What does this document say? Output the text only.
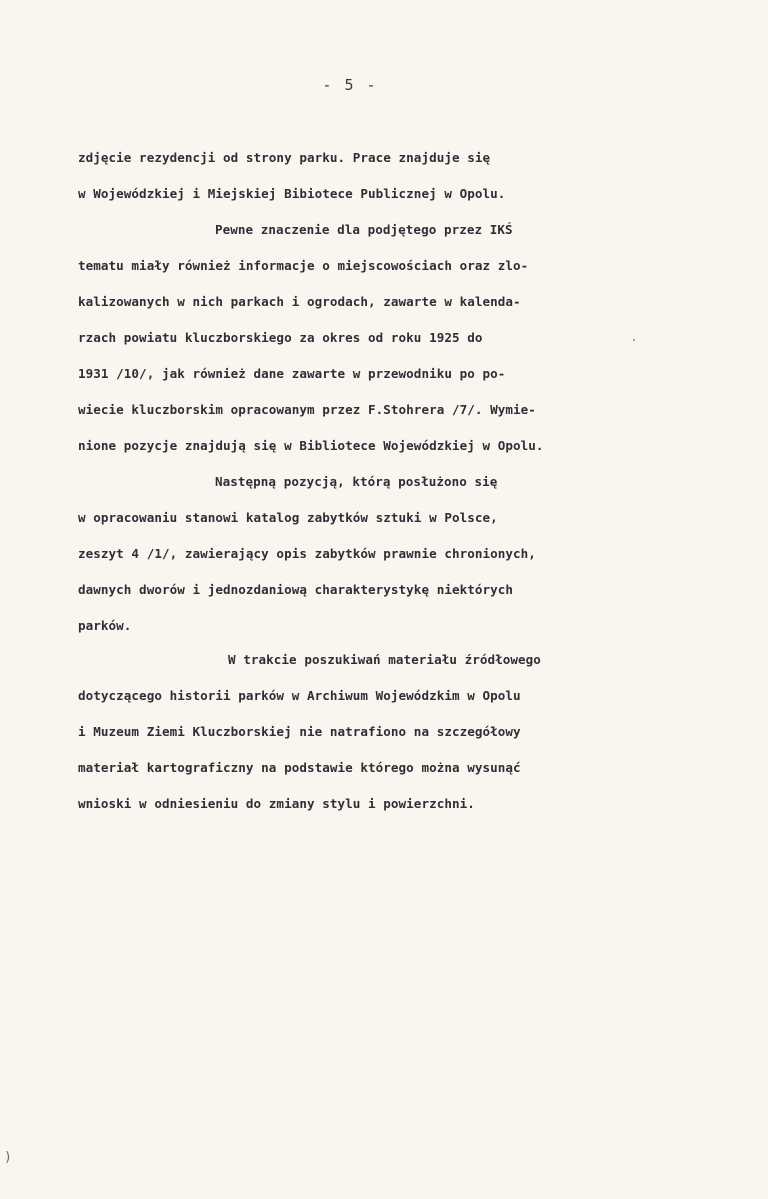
- 5 -
zdjęcie rezydencji od strony parku. Prace znajduje się
w Wojewódzkiej i Miejskiej Bibiotece Publicznej w Opolu.
Pewne znaczenie dla podjętego przez IKŚ
tematu miały również informacje o miejscowościach oraz zlo-
kalizowanych w nich parkach i ogrodach, zawarte w kalenda-
rzach powiatu kluczborskiego za okres od roku 1925 do
1931 /10/, jak również dane zawarte w przewodniku po po-
wiecie kluczborskim opracowanym przez F.Stohrera /7/. Wymie-
nione pozycje znajdują się w Bibliotece Wojewódzkiej w Opolu.
Następną pozycją, którą posłużono się
w opracowaniu stanowi katalog zabytków sztuki w Polsce,
zeszyt 4 /1/, zawierający opis zabytków prawnie chronionych,
dawnych dworów i jednozdaniową charakterystykę niektórych
parków.
W trakcie poszukiwań materiału źródłowego
dotyczącego historii parków w Archiwum Wojewódzkim w Opolu
i Muzeum Ziemi Kluczborskiej nie natrafiono na szczegółowy
materiał kartograficzny na podstawie którego można wysunąć
wnioski w odniesieniu do zmiany stylu i powierzchni.
)
